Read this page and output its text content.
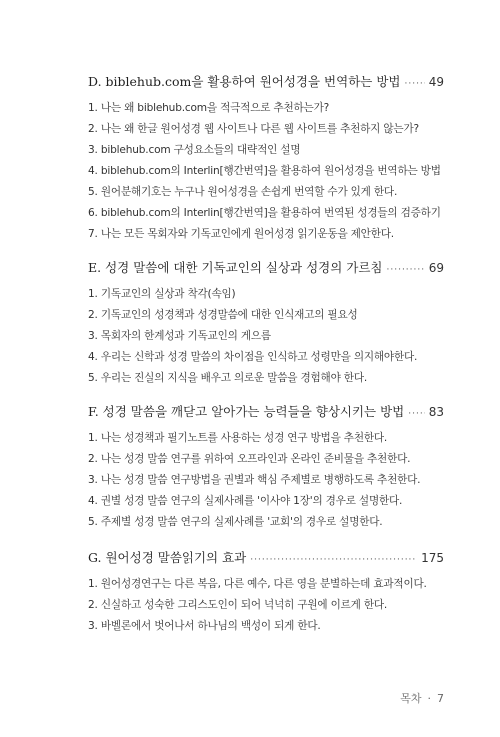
D. biblehub.com을 활용하여 원어성경을 번역하는 방법 ····· 49
1. 나는 왜 biblehub.com을 적극적으로 추천하는가?
2. 나는 왜 한글 원어성경 웹 사이트나 다른 웹 사이트를 추천하지 않는가?
3. biblehub.com 구성요소들의 대략적인 설명
4. biblehub.com의 Interlin[행간번역]을 활용하여 원어성경을 번역하는 방법
5. 원어분해기호는 누구나 원어성경을 손쉽게 번역할 수가 있게 한다.
6. biblehub.com의 Interlin[행간번역]을 활용하여 번역된 성경들의 검증하기
7. 나는 모든 목회자와 기독교인에게 원어성경 읽기운동을 제안한다.
E. 성경 말씀에 대한 기독교인의 실상과 성경의 가르침 ·····	69
1. 기독교인의 실상과 착각(속임)
2. 기독교인의 성경책과 성경말씀에 대한 인식재고의 필요성
3. 목회자의 한계성과 기독교인의 게으름
4. 우리는 신학과 성경 말씀의 차이점을 인식하고 성령만을 의지해야한다.
5. 우리는 진실의 지식을 배우고 의로운 말씀을 경험해야 한다.
F. 성경 말씀을 깨닫고 알아가는 능력들을 향상시키는 방법 ····· 83
1. 나는 성경책과 필기노트를 사용하는 성경 연구 방법을 추천한다.
2. 나는 성경 말씀 연구를 위하여 오프라인과 온라인 준비물을 추천한다.
3. 나는 성경 말씀 연구방법을 권별과 핵심 주제별로 병행하도록 추천한다.
4. 권별 성경 말씀 연구의 실제사례를 '이사야 1장'의 경우로 설명한다.
5. 주제별 성경 말씀 연구의 실제사례를 '교회'의 경우로 설명한다.
G. 원어성경 말씀읽기의 효과 ·····	175
1. 원어성경연구는 다른 복음, 다른 예수, 다른 영을 분별하는데 효과적이다.
2. 신실하고 성숙한 그리스도인이 되어 넉넉히 구원에 이르게 한다.
3. 바벨론에서 벗어나서 하나님의 백성이 되게 한다.
목차 · 7
